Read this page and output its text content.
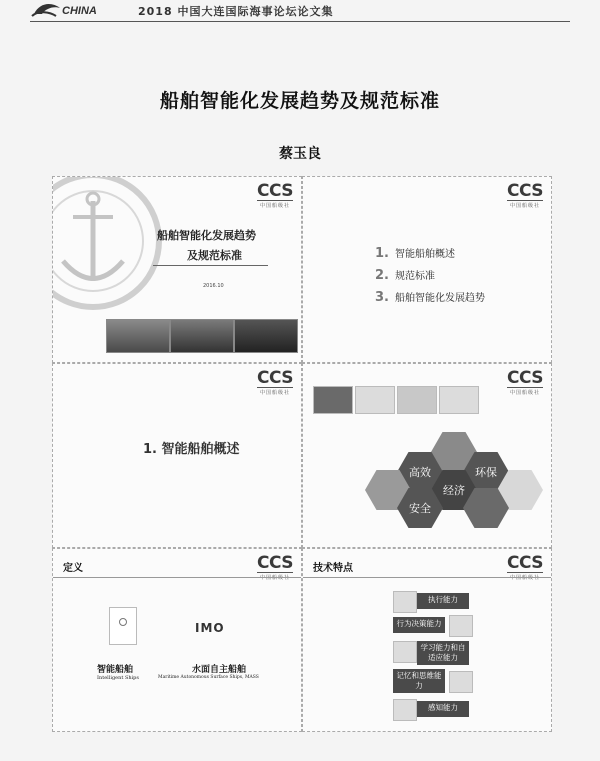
CHINA	2018 中国大连国际海事论坛论文集
船舶智能化发展趋势及规范标准
蔡玉良
CCS
中国船级社
船舶智能化发展趋势
及规范标准
2016.10
CCS
中国船级社
1. 智能船舶概述
2. 规范标准
3. 船舶智能化发展趋势
CCS
中国船级社
1. 智能船舶概述
CCS
中国船级社
高效	环保
经济
安全
定义	CCS
中国船级社
智能船舶
Intelligent Ships
IMO
水面自主船舶
Maritime Autonomous Surface Ships, MASS
技术特点	CCS
中国船级社
执行能力
行为决策能力
学习能力和自适应能力
记忆和思维能力
感知能力
